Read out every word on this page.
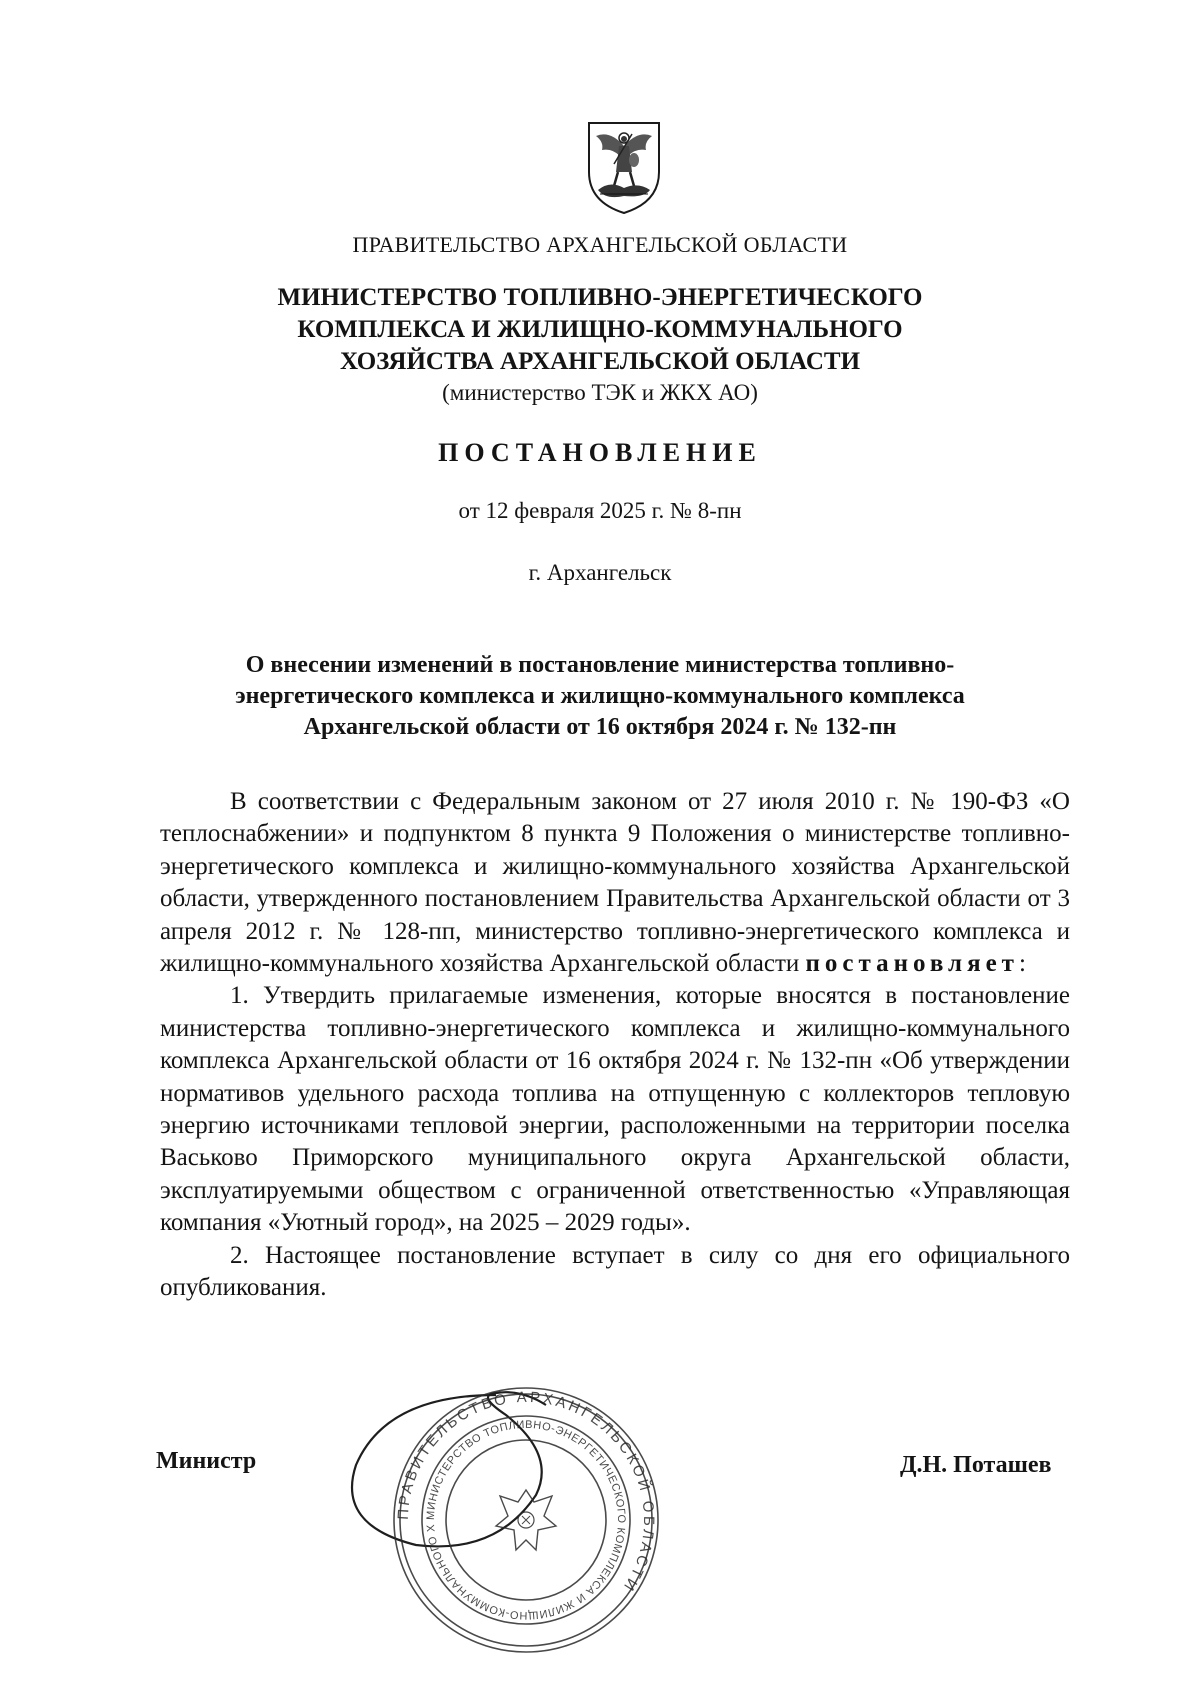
ПРАВИТЕЛЬСТВО АРХАНГЕЛЬСКОЙ ОБЛАСТИ
МИНИСТЕРСТВО ТОПЛИВНО-ЭНЕРГЕТИЧЕСКОГО
КОМПЛЕКСА И ЖИЛИЩНО-КОММУНАЛЬНОГО
ХОЗЯЙСТВА АРХАНГЕЛЬСКОЙ ОБЛАСТИ
(министерство ТЭК и ЖКХ АО)
ПОСТАНОВЛЕНИЕ
от 12 февраля 2025 г. № 8-пн
г. Архангельск
О внесении изменений в постановление министерства топливно-
энергетического комплекса и жилищно-коммунального комплекса
Архангельской области от 16 октября 2024 г. № 132-пн

В соответствии с Федеральным законом от 27 июля 2010 г. № 190-ФЗ «О теплоснабжении» и подпунктом 8 пункта 9 Положения о министерстве топливно-энергетического комплекса и жилищно-коммунального хозяйства Архангельской области, утвержденного постановлением Правительства Архангельской области от 3 апреля 2012 г. № 128-пп, министерство топливно-энергетического комплекса и жилищно-коммунального хозяйства Архангельской области постановляет:

1. Утвердить прилагаемые изменения, которые вносятся в постановление министерства топливно-энергетического комплекса и жилищно-коммунального комплекса Архангельской области от 16 октября 2024 г. № 132-пн «Об утверждении нормативов удельного расхода топлива на отпущенную с коллекторов тепловую энергию источниками тепловой энергии, расположенными на территории поселка Васьково Приморского муниципального округа Архангельской области, эксплуатируемыми обществом с ограниченной ответственностью «Управляющая компания «Уютный город», на 2025 – 2029 годы».

2. Настоящее постановление вступает в силу со дня его официального опубликования.

Министр	Д.Н. Поташев
ПРАВИТЕЛЬСТВО АРХАНГЕЛЬСКОЙ ОБЛАСТИ
МИНИСТЕРСТВО ТОПЛИВНО-ЭНЕРГЕТИЧЕСКОГО КОМПЛЕКСА И ЖИЛИЩНО-КОММУНАЛЬНОГО Х
